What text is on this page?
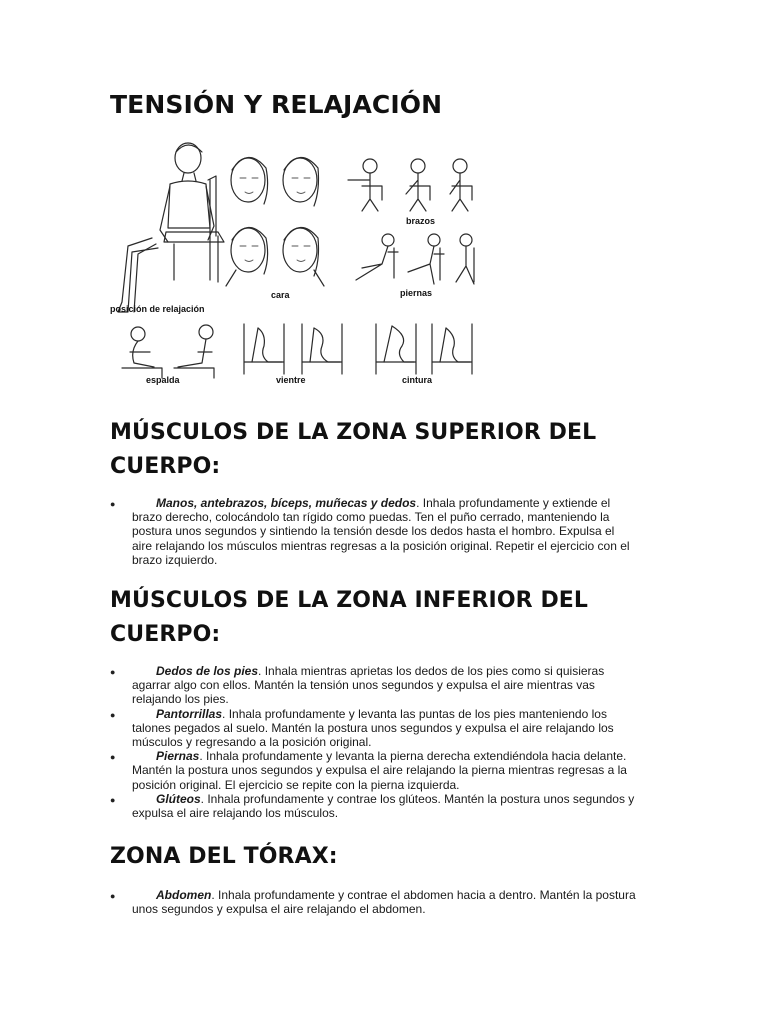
TENSIÓN Y RELAJACIÓN
posición de relajación
cara
brazos
piernas
espalda	vientre	cintura
MÚSCULOS DE LA ZONA SUPERIOR DEL CUERPO:
●	Manos, antebrazos, bíceps, muñecas y dedos. Inhala profundamente y extiende el brazo derecho, colocándolo tan rígido como puedas. Ten el puño cerrado, manteniendo la postura unos segundos y sintiendo la tensión desde los dedos hasta el hombro. Expulsa el aire relajando los músculos mientras regresas a la posición original. Repetir el ejercicio con el brazo izquierdo.
MÚSCULOS DE LA ZONA INFERIOR DEL CUERPO:
●	Dedos de los pies. Inhala mientras aprietas los dedos de los pies como si quisieras agarrar algo con ellos. Mantén la tensión unos segundos y expulsa el aire mientras vas relajando los pies.
●	Pantorrillas. Inhala profundamente y levanta las puntas de los pies manteniendo los talones pegados al suelo. Mantén la postura unos segundos y expulsa el aire relajando los músculos y regresando a la posición original.
●	Piernas. Inhala profundamente y levanta la pierna derecha extendiéndola hacia delante. Mantén la postura unos segundos y expulsa el aire relajando la pierna mientras regresas a la posición original. El ejercicio se repite con la pierna izquierda.
●	Glúteos. Inhala profundamente y contrae los glúteos. Mantén la postura unos segundos y expulsa el aire relajando los músculos.
ZONA DEL TÓRAX:
●	Abdomen. Inhala profundamente y contrae el abdomen hacia a dentro. Mantén la postura unos segundos y expulsa el aire relajando el abdomen.
